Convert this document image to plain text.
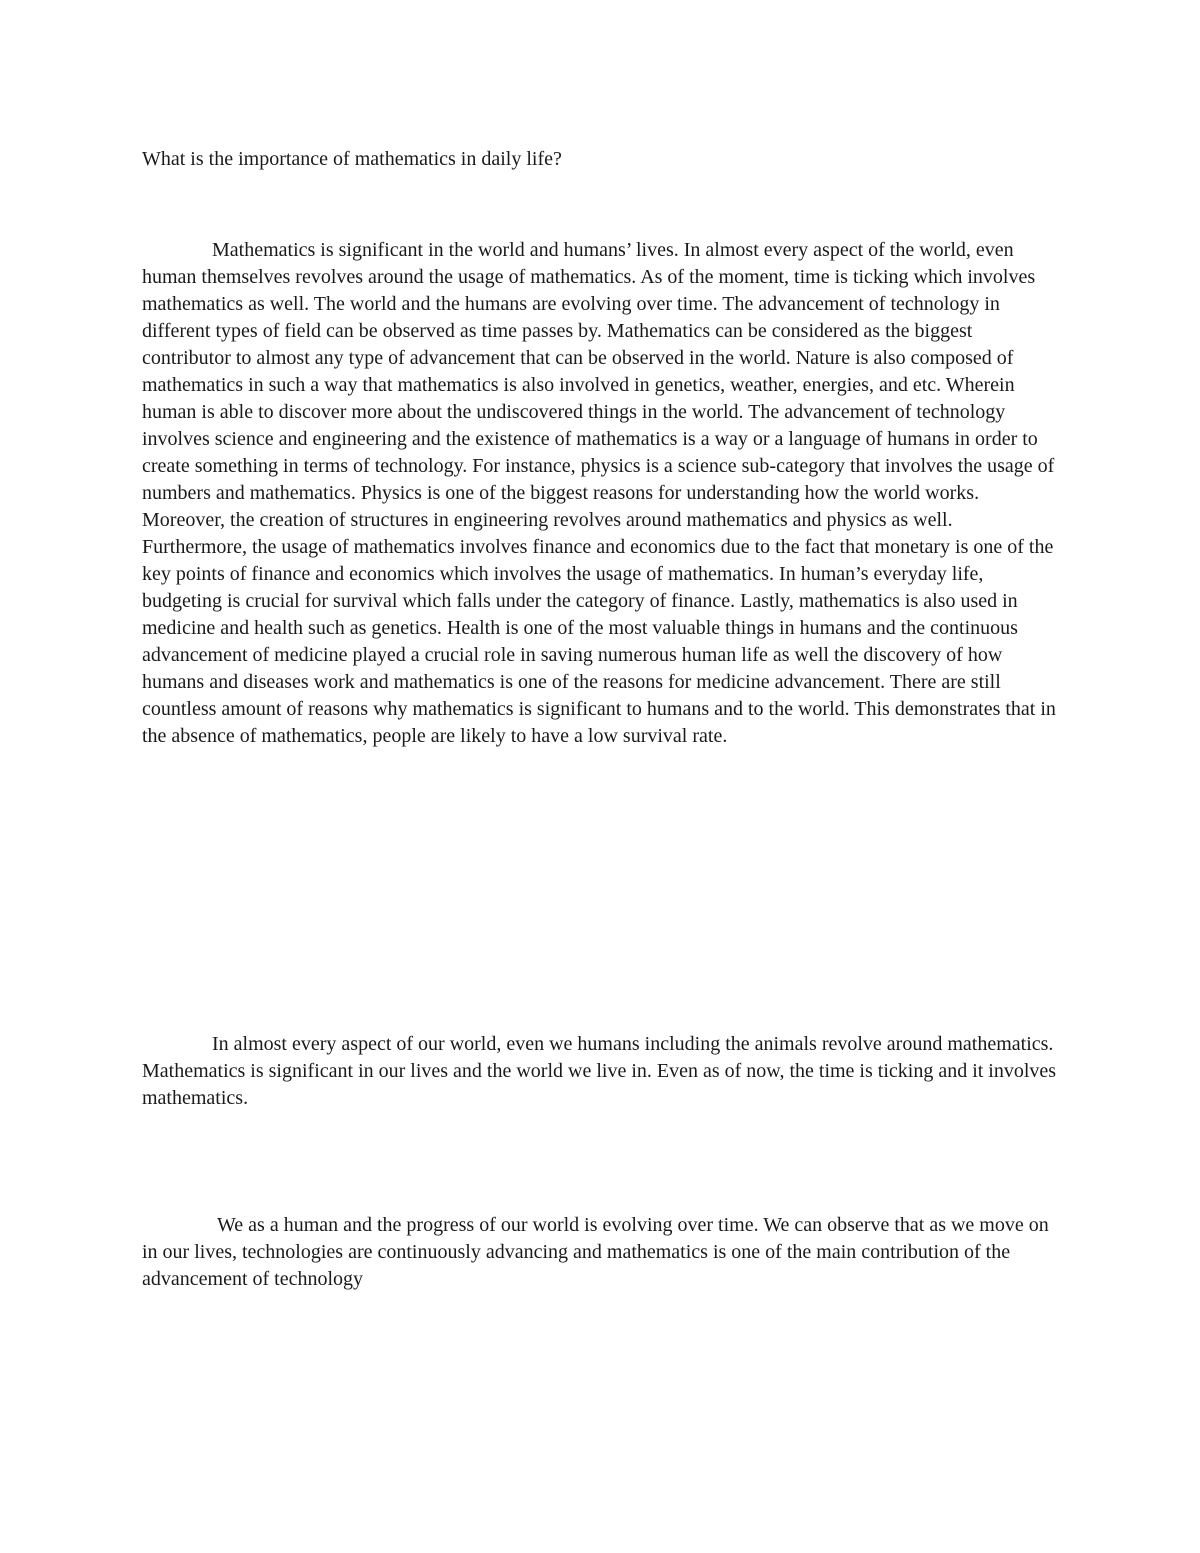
What is the importance of mathematics in daily life?

Mathematics is significant in the world and humans’ lives. In almost every aspect of the world, even human themselves revolves around the usage of mathematics. As of the moment, time is ticking which involves mathematics as well. The world and the humans are evolving over time. The advancement of technology in different types of field can be observed as time passes by. Mathematics can be considered as the biggest contributor to almost any type of advancement that can be observed in the world. Nature is also composed of mathematics in such a way that mathematics is also involved in genetics, weather, energies, and etc. Wherein human is able to discover more about the undiscovered things in the world. The advancement of technology involves science and engineering and the existence of mathematics is a way or a language of humans in order to create something in terms of technology. For instance, physics is a science sub-category that involves the usage of numbers and mathematics. Physics is one of the biggest reasons for understanding how the world works. Moreover, the creation of structures in engineering revolves around mathematics and physics as well. Furthermore, the usage of mathematics involves finance and economics due to the fact that monetary is one of the key points of finance and economics which involves the usage of mathematics. In human’s everyday life, budgeting is crucial for survival which falls under the category of finance. Lastly, mathematics is also used in medicine and health such as genetics. Health is one of the most valuable things in humans and the continuous advancement of medicine played a crucial role in saving numerous human life as well the discovery of how humans and diseases work and mathematics is one of the reasons for medicine advancement. There are still countless amount of reasons why mathematics is significant to humans and to the world. This demonstrates that in the absence of mathematics, people are likely to have a low survival rate.

In almost every aspect of our world, even we humans including the animals revolve around mathematics. Mathematics is significant in our lives and the world we live in. Even as of now, the time is ticking and it involves mathematics.

We as a human and the progress of our world is evolving over time. We can observe that as we move on in our lives, technologies are continuously advancing and mathematics is one of the main contribution of the advancement of technology
